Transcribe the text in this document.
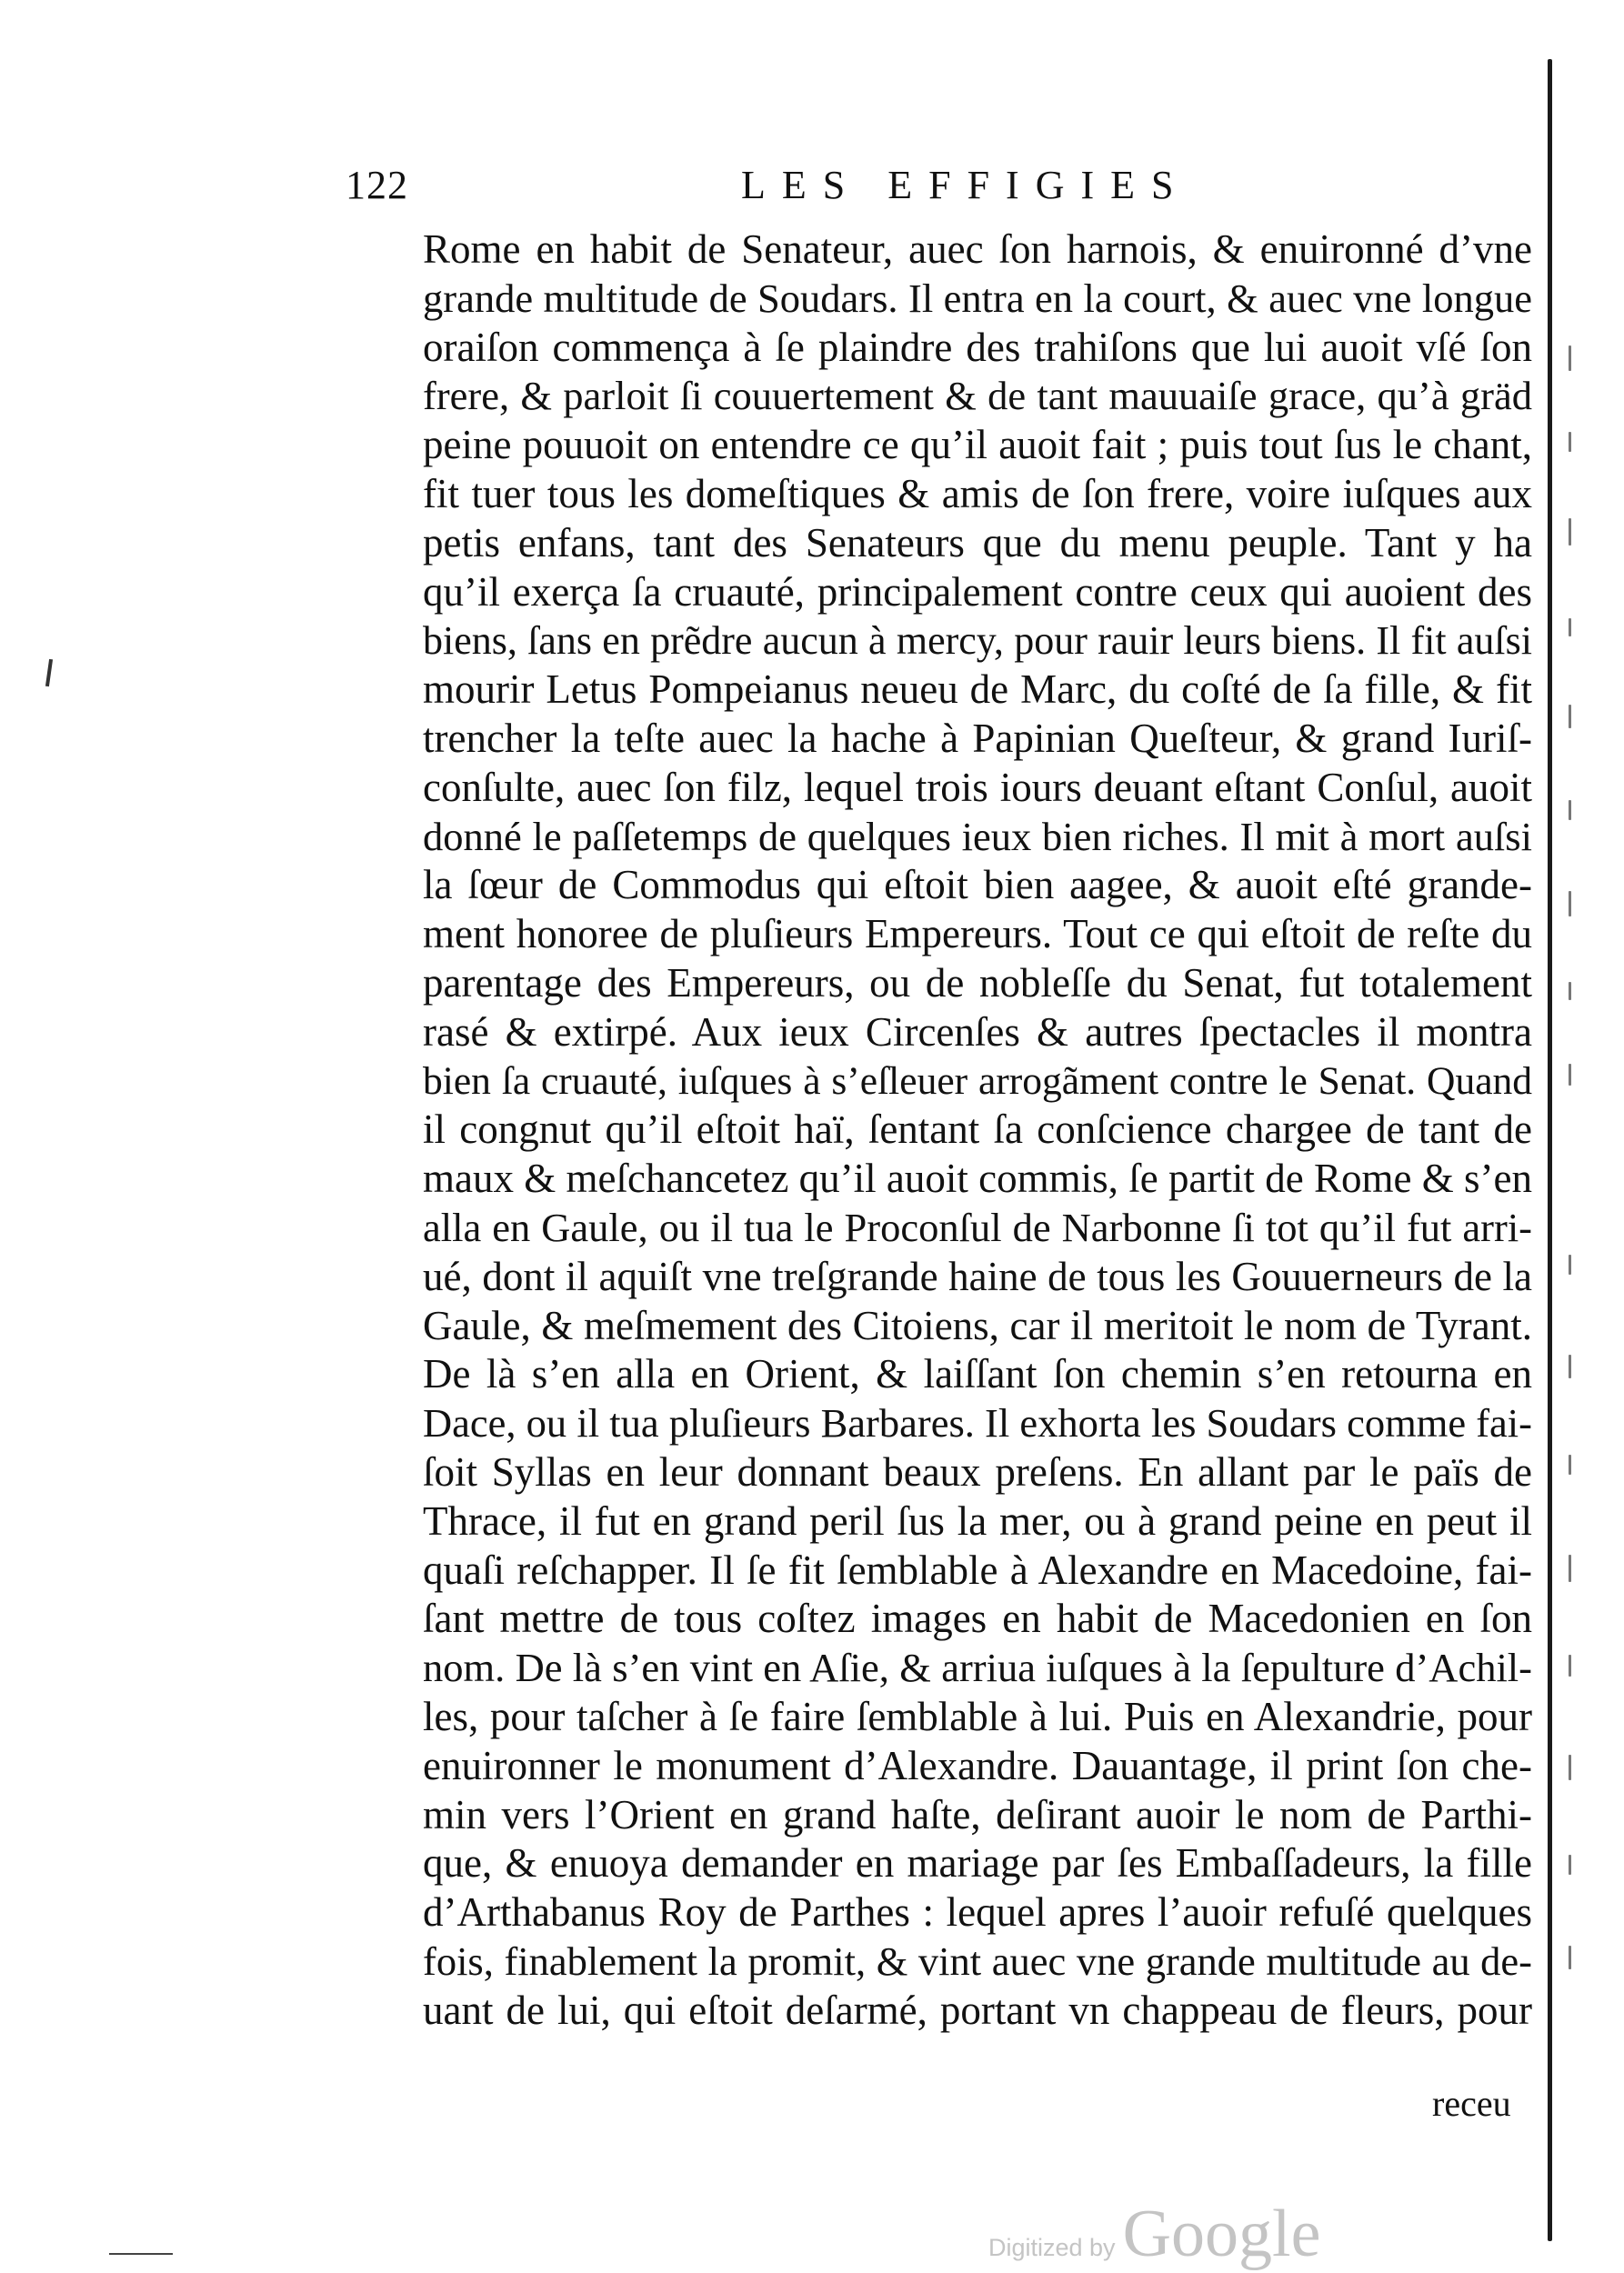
122	LES EFFIGIES
Rome en habit de Senateur, auec ſon harnois, & enuironné d’vne
grande multitude de Soudars. Il entra en la court, & auec vne longue
oraiſon commença à ſe plaindre des trahiſons que lui auoit vſé ſon
frere, & parloit ſi couuertement & de tant mauuaiſe grace, qu’à gräd
peine pouuoit on entendre ce qu’il auoit fait ; puis tout ſus le chant,
fit tuer tous les domeſtiques & amis de ſon frere, voire iuſques aux
petis enfans, tant des Senateurs que du menu peuple. Tant y ha
qu’il exerça ſa cruauté, principalement contre ceux qui auoient des
biens, ſans en prẽdre aucun à mercy, pour rauir leurs biens. Il fit auſsi
mourir Letus Pompeianus neueu de Marc, du coſté de ſa fille, & fit
trencher la teſte auec la hache à Papinian Queſteur, & grand Iuriſ-
conſulte, auec ſon filz, lequel trois iours deuant eſtant Conſul, auoit
donné le paſſetemps de quelques ieux bien riches. Il mit à mort auſsi
la ſœur de Commodus qui eſtoit bien aagee, & auoit eſté grande-
ment honoree de pluſieurs Empereurs. Tout ce qui eſtoit de reſte du
parentage des Empereurs, ou de nobleſſe du Senat, fut totalement
rasé & extirpé. Aux ieux Circenſes & autres ſpectacles il montra
bien ſa cruauté, iuſques à s’eſleuer arrogãment contre le Senat. Quand
il congnut qu’il eſtoit haï, ſentant ſa conſcience chargee de tant de
maux & meſchancetez qu’il auoit commis, ſe partit de Rome & s’en
alla en Gaule, ou il tua le Proconſul de Narbonne ſi tot qu’il fut arri-
ué, dont il aquiſt vne treſgrande haine de tous les Gouuerneurs de la
Gaule, & meſmement des Citoiens, car il meritoit le nom de Tyrant.
De là s’en alla en Orient, & laiſſant ſon chemin s’en retourna en
Dace, ou il tua pluſieurs Barbares. Il exhorta les Soudars comme fai-
ſoit Syllas en leur donnant beaux preſens. En allant par le païs de
Thrace, il fut en grand peril ſus la mer, ou à grand peine en peut il
quaſi reſchapper. Il ſe fit ſemblable à Alexandre en Macedoine, fai-
ſant mettre de tous coſtez images en habit de Macedonien en ſon
nom. De là s’en vint en Aſie, & arriua iuſques à la ſepulture d’Achil-
les, pour taſcher à ſe faire ſemblable à lui. Puis en Alexandrie, pour
enuironner le monument d’Alexandre. Dauantage, il print ſon che-
min vers l’Orient en grand haſte, deſirant auoir le nom de Parthi-
que, & enuoya demander en mariage par ſes Embaſſadeurs, la fille
d’Arthabanus Roy de Parthes : lequel apres l’auoir refuſé quelques
fois, finablement la promit, & vint auec vne grande multitude au de-
uant de lui, qui eſtoit deſarmé, portant vn chappeau de fleurs, pour
receu
Digitized by Google
